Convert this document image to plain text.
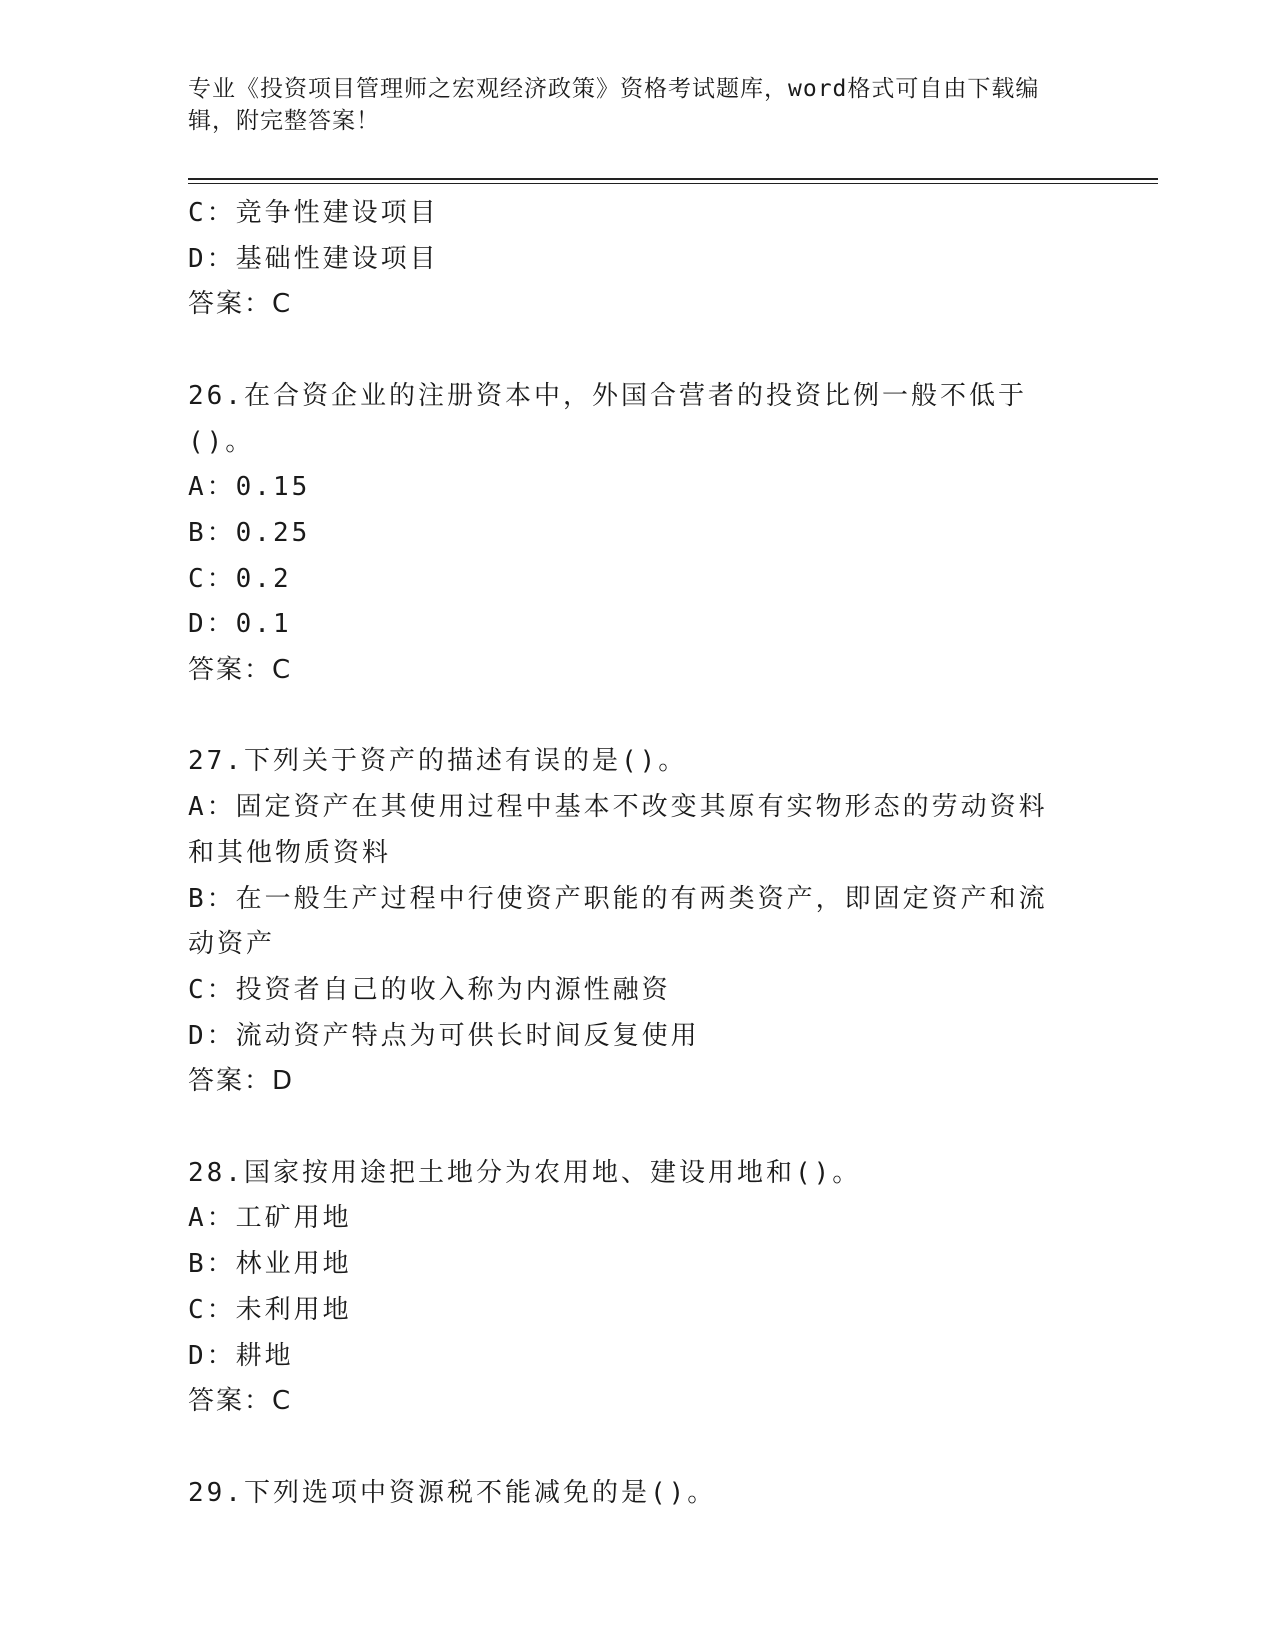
专业《投资项目管理师之宏观经济政策》资格考试题库，word格式可自由下载编辑，附完整答案！
C：竞争性建设项目
D：基础性建设项目
答案：C
26.在合资企业的注册资本中，外国合营者的投资比例一般不低于()。
A：0.15
B：0.25
C：0.2
D：0.1
答案：C
27.下列关于资产的描述有误的是()。
A：固定资产在其使用过程中基本不改变其原有实物形态的劳动资料和其他物质资料
B：在一般生产过程中行使资产职能的有两类资产，即固定资产和流动资产
C：投资者自己的收入称为内源性融资
D：流动资产特点为可供长时间反复使用
答案：D
28.国家按用途把土地分为农用地、建设用地和()。
A：工矿用地
B：林业用地
C：未利用地
D：耕地
答案：C
29.下列选项中资源税不能减免的是()。
